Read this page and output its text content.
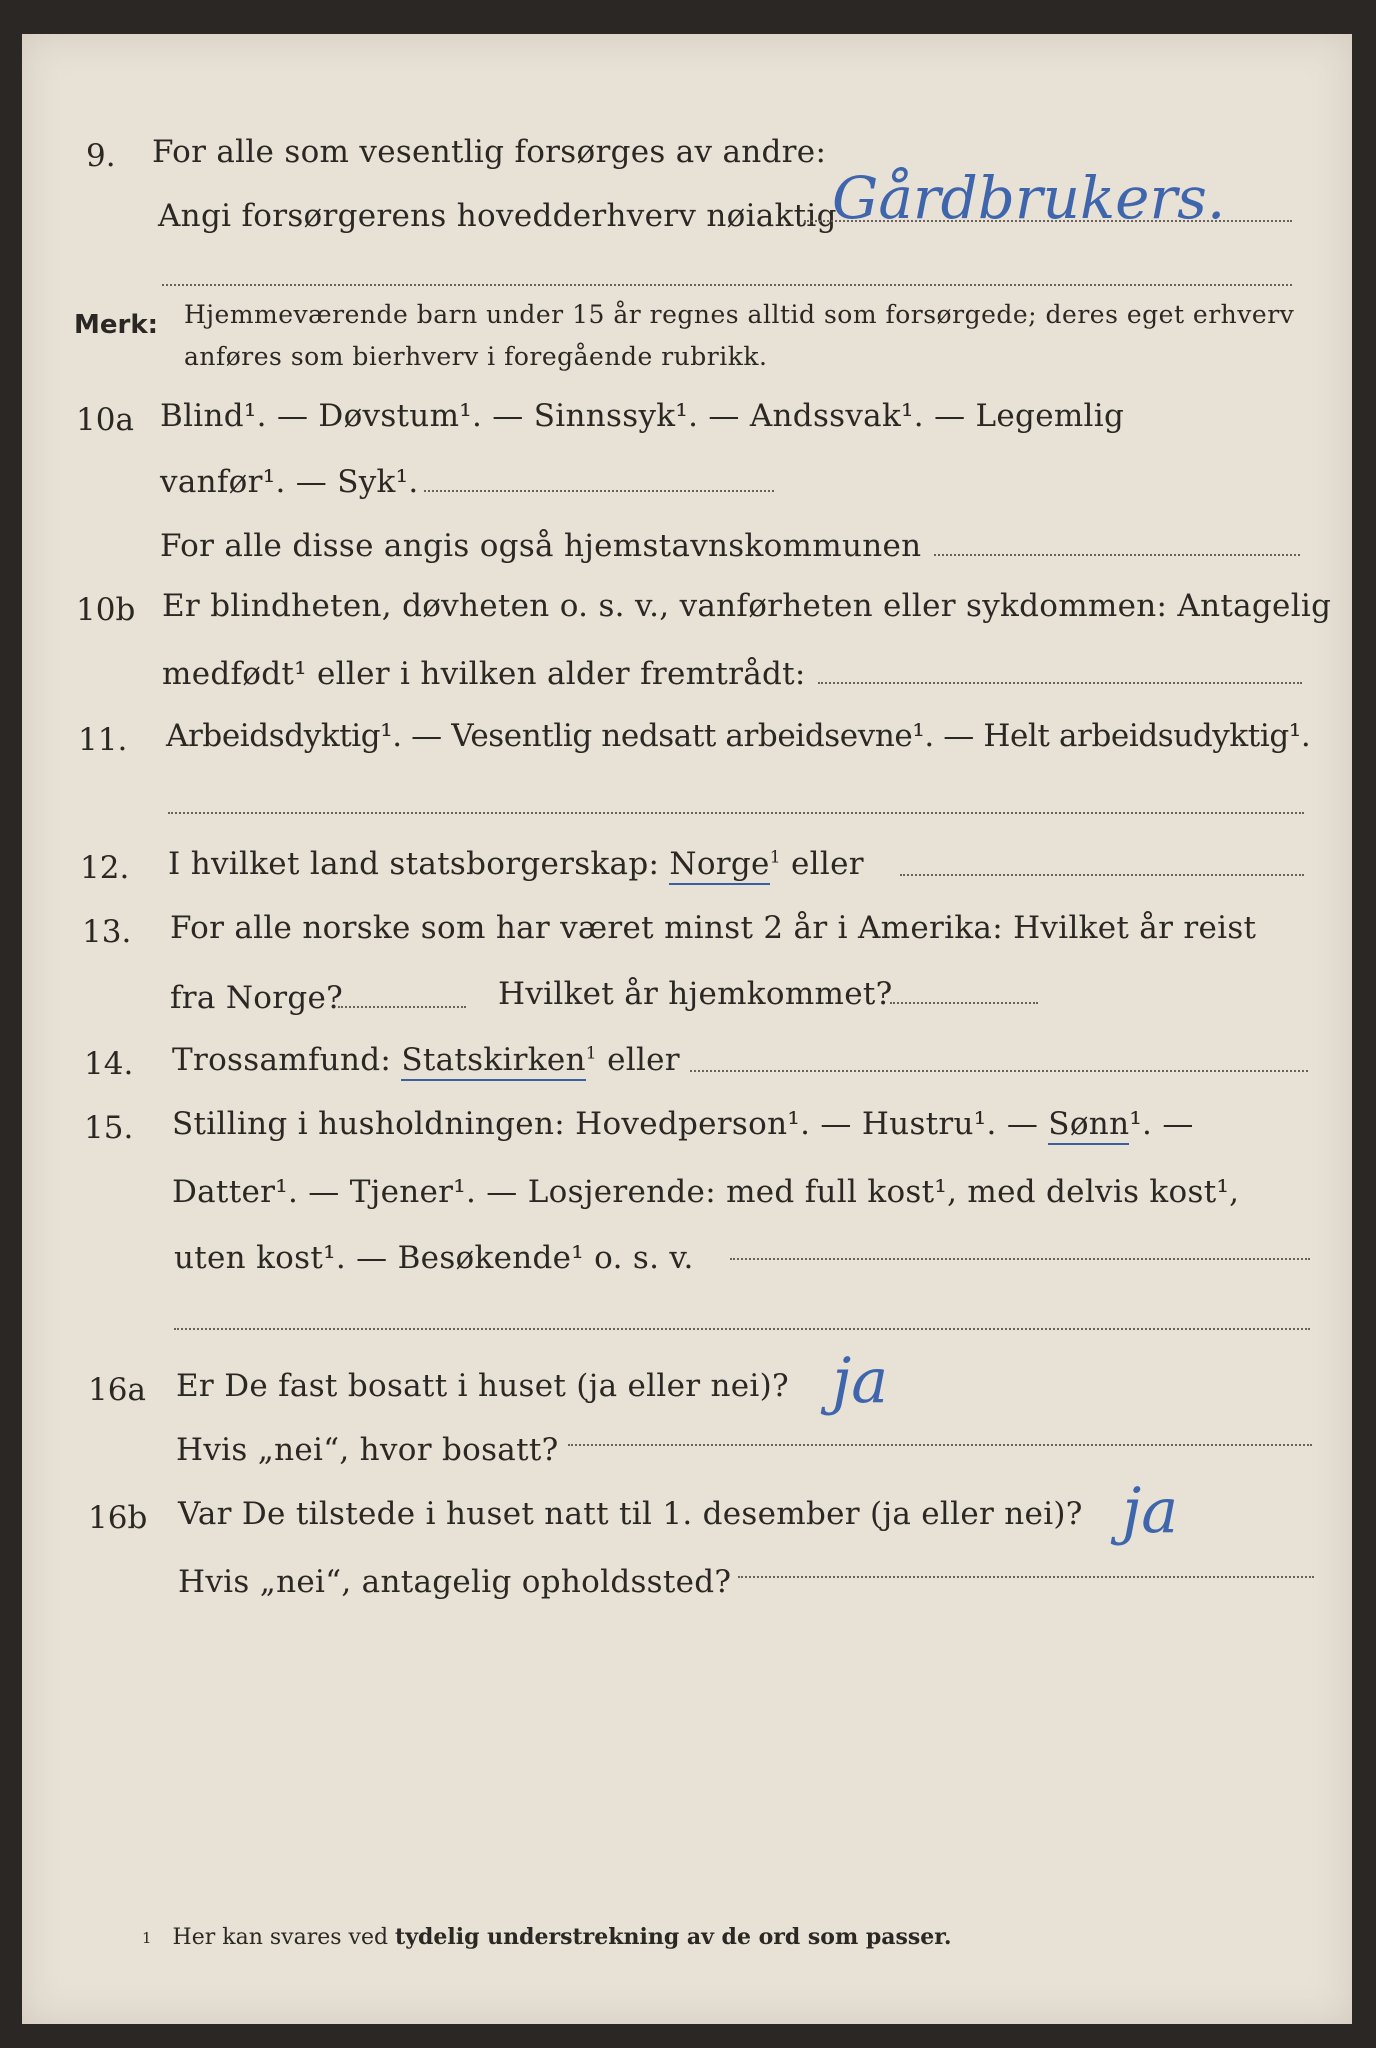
9. For alle som vesentlig forsørges av andre:
Angi forsørgerens hovedderhverv nøiaktig
Gårdbrukers.
Merk: Hjemmeværende barn under 15 år regnes alltid som forsørgede; deres eget erhverv
anføres som bierhverv i foregående rubrikk.
10a Blind¹. — Døvstum¹. — Sinnssyk¹. — Andssvak¹. — Legemlig
vanfør¹. — Syk¹.
For alle disse angis også hjemstavnskommunen
10b Er blindheten, døvheten o. s. v., vanførheten eller sykdommen: Antagelig
medfødt¹ eller i hvilken alder fremtrådt:
11. Arbeidsdyktig¹. — Vesentlig nedsatt arbeidsevne¹. — Helt arbeidsudyktig¹.
12. I hvilket land statsborgerskap: Norge$^1$ eller
13. For alle norske som har været minst 2 år i Amerika: Hvilket år reist
fra Norge?	Hvilket år hjemkommet?
14. Trossamfund: Statskirken$^1$ eller
15. Stilling i husholdningen: Hovedperson¹. — Hustru¹. — Sønn¹. —
Datter¹. — Tjener¹. — Losjerende: med full kost¹, med delvis kost¹,
uten kost¹. — Besøkende¹ o. s. v.
16a Er De fast bosatt i huset (ja eller nei)? ja
Hvis „nei“, hvor bosatt?
16b Var De tilstede i huset natt til 1. desember (ja eller nei)? ja
Hvis „nei“, antagelig opholdssted?
1 Her kan svares ved tydelig understrekning av de ord som passer.
